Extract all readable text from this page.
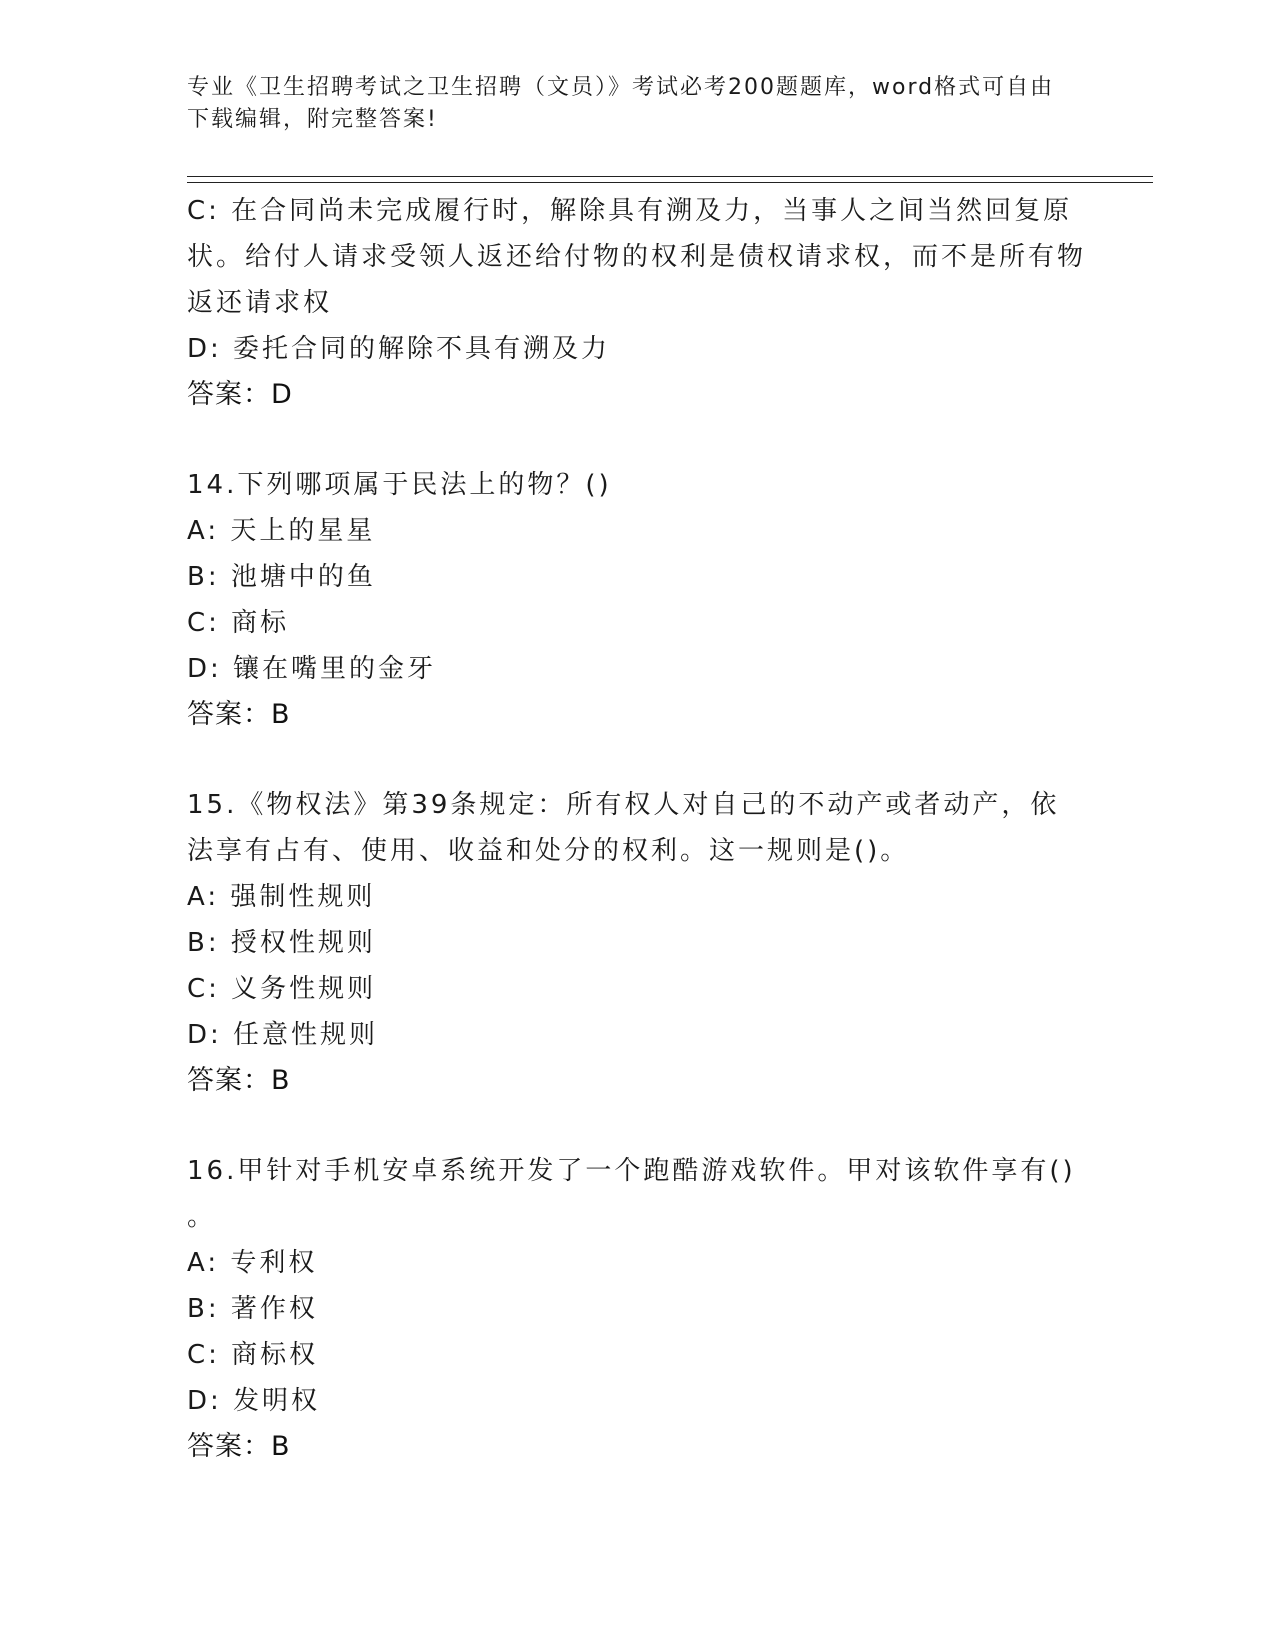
专业《卫生招聘考试之卫生招聘（文员）》考试必考200题题库，word格式可自由下载编辑，附完整答案!
C: 在合同尚未完成履行时，解除具有溯及力，当事人之间当然回复原状。给付人请求受领人返还给付物的权利是债权请求权，而不是所有物返还请求权
D: 委托合同的解除不具有溯及力
答案：D
14.下列哪项属于民法上的物？()
A: 天上的星星
B: 池塘中的鱼
C: 商标
D: 镶在嘴里的金牙
答案：B
15.《物权法》第39条规定：所有权人对自己的不动产或者动产，依法享有占有、使用、收益和处分的权利。这一规则是()。
A: 强制性规则
B: 授权性规则
C: 义务性规则
D: 任意性规则
答案：B
16.甲针对手机安卓系统开发了一个跑酷游戏软件。甲对该软件享有()
。
A: 专利权
B: 著作权
C: 商标权
D: 发明权
答案：B
